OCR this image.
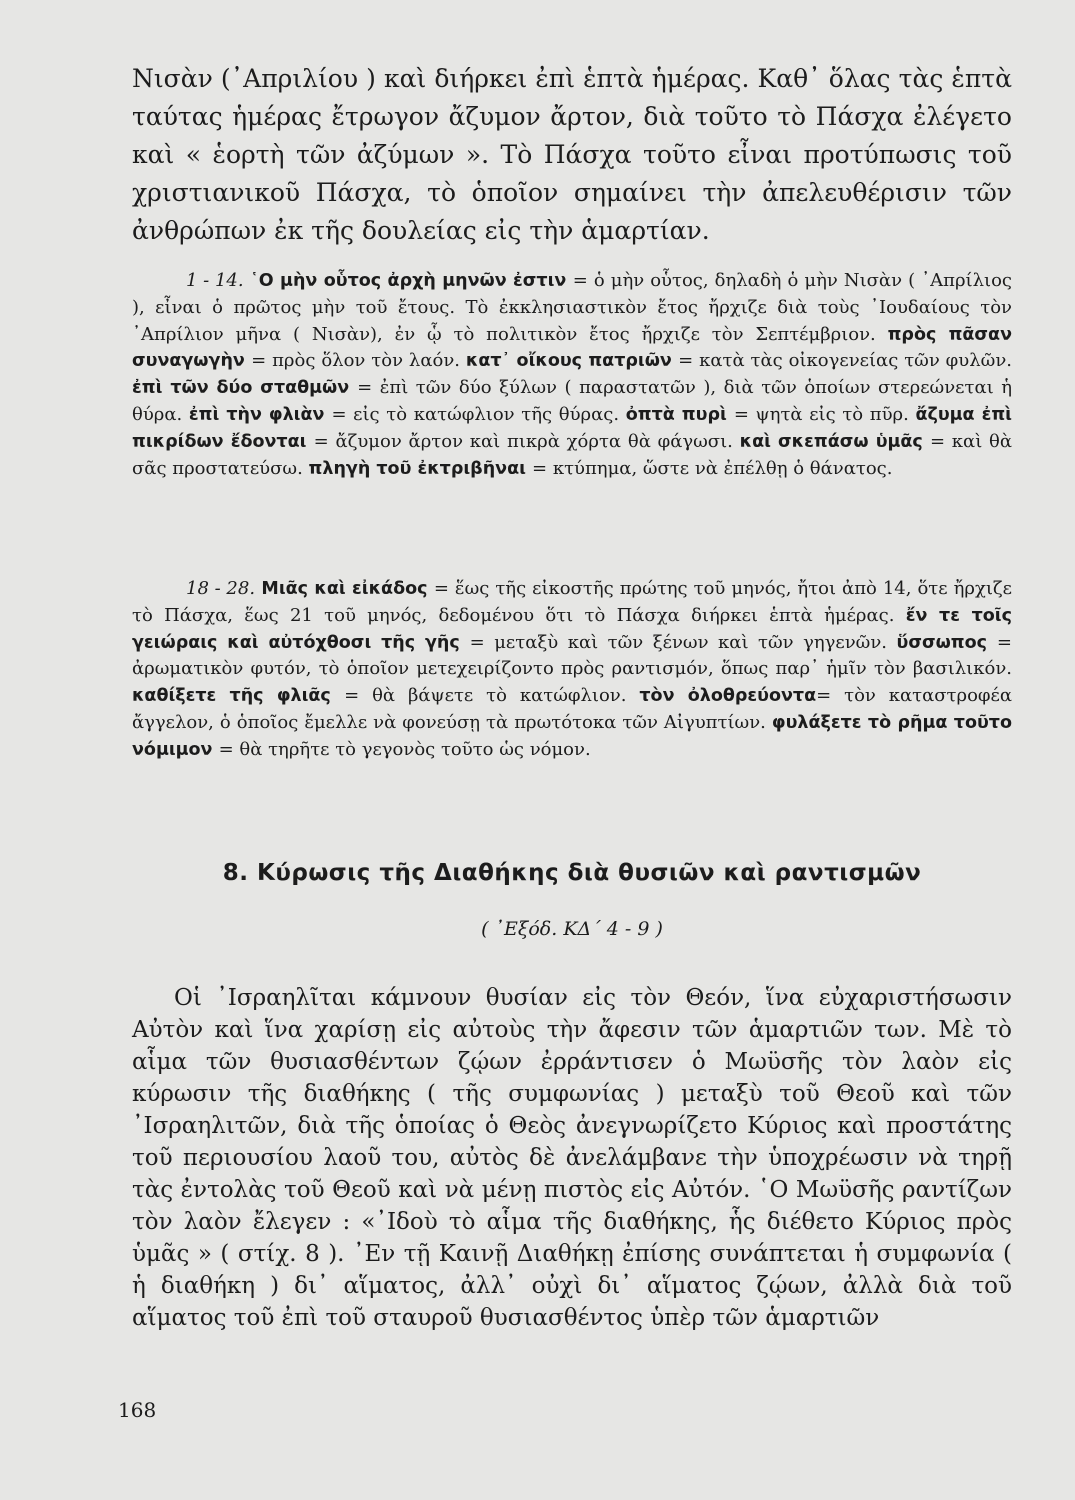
Νισὰν (᾿Απριλίου ) καὶ διήρκει ἐπὶ ἑπτὰ ἡμέρας. Καθ᾿ ὅλας τὰς ἑπτὰ ταύτας ἡμέρας ἔτρωγον ἄζυμον ἄρτον, διὰ τοῦτο τὸ Πάσχα ἐλέγετο καὶ « ἑορτὴ τῶν ἀζύμων ». Τὸ Πάσχα τοῦτο εἶναι προτύπωσις τοῦ χριστιανικοῦ Πάσχα, τὸ ὁποῖον σημαίνει τὴν ἀπελευθέρισιν τῶν ἀνθρώπων ἐκ τῆς δουλείας εἰς τὴν ἁμαρτίαν.
1 - 14. ῾Ο μὴν οὗτος ἀρχὴ μηνῶν ἐστιν = ὁ μὴν οὗτος, δηλαδὴ ὁ μὴν Νισὰν ( ᾿Απρίλιος ), εἶναι ὁ πρῶτος μὴν τοῦ ἔτους. Τὸ ἐκκλησιαστικὸν ἔτος ἤρχιζε διὰ τοὺς ᾿Ιουδαίους τὸν ᾿Απρίλιον μῆνα ( Νισὰν), ἐν ᾧ τὸ πολιτικὸν ἔτος ἤρχιζε τὸν Σεπτέμβριον. πρὸς πᾶσαν συναγωγὴν = πρὸς ὅλον τὸν λαόν. κατ᾿ οἴκους πατριῶν = κατὰ τὰς οἰκογενείας τῶν φυλῶν. ἐπὶ τῶν δύο σταθμῶν = ἐπὶ τῶν δύο ξύλων ( παραστατῶν ), διὰ τῶν ὁποίων στερεώνεται ἡ θύρα. ἐπὶ τὴν φλιὰν = εἰς τὸ κατώφλιον τῆς θύρας. ὀπτὰ πυρὶ = ψητὰ εἰς τὸ πῦρ. ἄζυμα ἐπὶ πικρίδων ἔδονται = ἄζυμον ἄρτον καὶ πικρὰ χόρτα θὰ φάγωσι. καὶ σκεπάσω ὑμᾶς = καὶ θὰ σᾶς προστατεύσω. πληγὴ τοῦ ἐκτριβῆναι = κτύπημα, ὥστε νὰ ἐπέλθῃ ὁ θάνατος.
18 - 28. Μιᾶς καὶ εἰκάδος = ἕως τῆς εἰκοστῆς πρώτης τοῦ μηνός, ἤτοι ἀπὸ 14, ὅτε ἤρχιζε τὸ Πάσχα, ἕως 21 τοῦ μηνός, δεδομένου ὅτι τὸ Πάσχα διήρκει ἑπτὰ ἡμέρας. ἔν τε τοῖς γειώραις καὶ αὐτόχθοσι τῆς γῆς = μεταξὺ καὶ τῶν ξένων καὶ τῶν γηγενῶν. ὕσσωπος = ἀρωματικὸν φυτόν, τὸ ὁποῖον μετεχειρίζοντο πρὸς ραντισμόν, ὅπως παρ᾿ ἡμῖν τὸν βασιλικόν. καθίξετε τῆς φλιᾶς = θὰ βάψετε τὸ κατώφλιον. τὸν ὀλοθρεύοντα= τὸν καταστροφέα ἄγγελον, ὁ ὁποῖος ἔμελλε νὰ φονεύσῃ τὰ πρωτότοκα τῶν Αἰγυπτίων. φυλάξετε τὸ ρῆμα τοῦτο νόμιμον = θὰ τηρῆτε τὸ γεγονὸς τοῦτο ὡς νόμον.
8. Κύρωσις τῆς Διαθήκης διὰ θυσιῶν καὶ ραντισμῶν
( ᾿Εξόδ. ΚΔ΄ 4 - 9 )
Οἱ ᾿Ισραηλῖται κάμνουν θυσίαν εἰς τὸν Θεόν, ἵνα εὐχαριστήσωσιν Αὐτὸν καὶ ἵνα χαρίσῃ εἰς αὐτοὺς τὴν ἄφεσιν τῶν ἁμαρτιῶν των. Μὲ τὸ αἷμα τῶν θυσιασθέντων ζῴων ἐρράντισεν ὁ Μωϋσῆς τὸν λαὸν εἰς κύρωσιν τῆς διαθήκης ( τῆς συμφωνίας ) μεταξὺ τοῦ Θεοῦ καὶ τῶν ᾿Ισραηλιτῶν, διὰ τῆς ὁποίας ὁ Θεὸς ἀνεγνωρίζετο Κύριος καὶ προστάτης τοῦ περιουσίου λαοῦ του, αὐτὸς δὲ ἀνελάμβανε τὴν ὑποχρέωσιν νὰ τηρῇ τὰς ἐντολὰς τοῦ Θεοῦ καὶ νὰ μένῃ πιστὸς εἰς Αὐτόν. ῾Ο Μωϋσῆς ραντίζων τὸν λαὸν ἔλεγεν : «᾿Ιδοὺ τὸ αἷμα τῆς διαθήκης, ἧς διέθετο Κύριος πρὸς ὑμᾶς » ( στίχ. 8 ). ᾿Εν τῇ Καινῇ Διαθήκῃ ἐπίσης συνάπτεται ἡ συμφωνία ( ἡ διαθήκη ) δι᾿ αἵματος, ἀλλ᾿ οὐχὶ δι᾿ αἵματος ζῴων, ἀλλὰ διὰ τοῦ αἵματος τοῦ ἐπὶ τοῦ σταυροῦ θυσιασθέντος ὑπὲρ τῶν ἁμαρτιῶν
168
